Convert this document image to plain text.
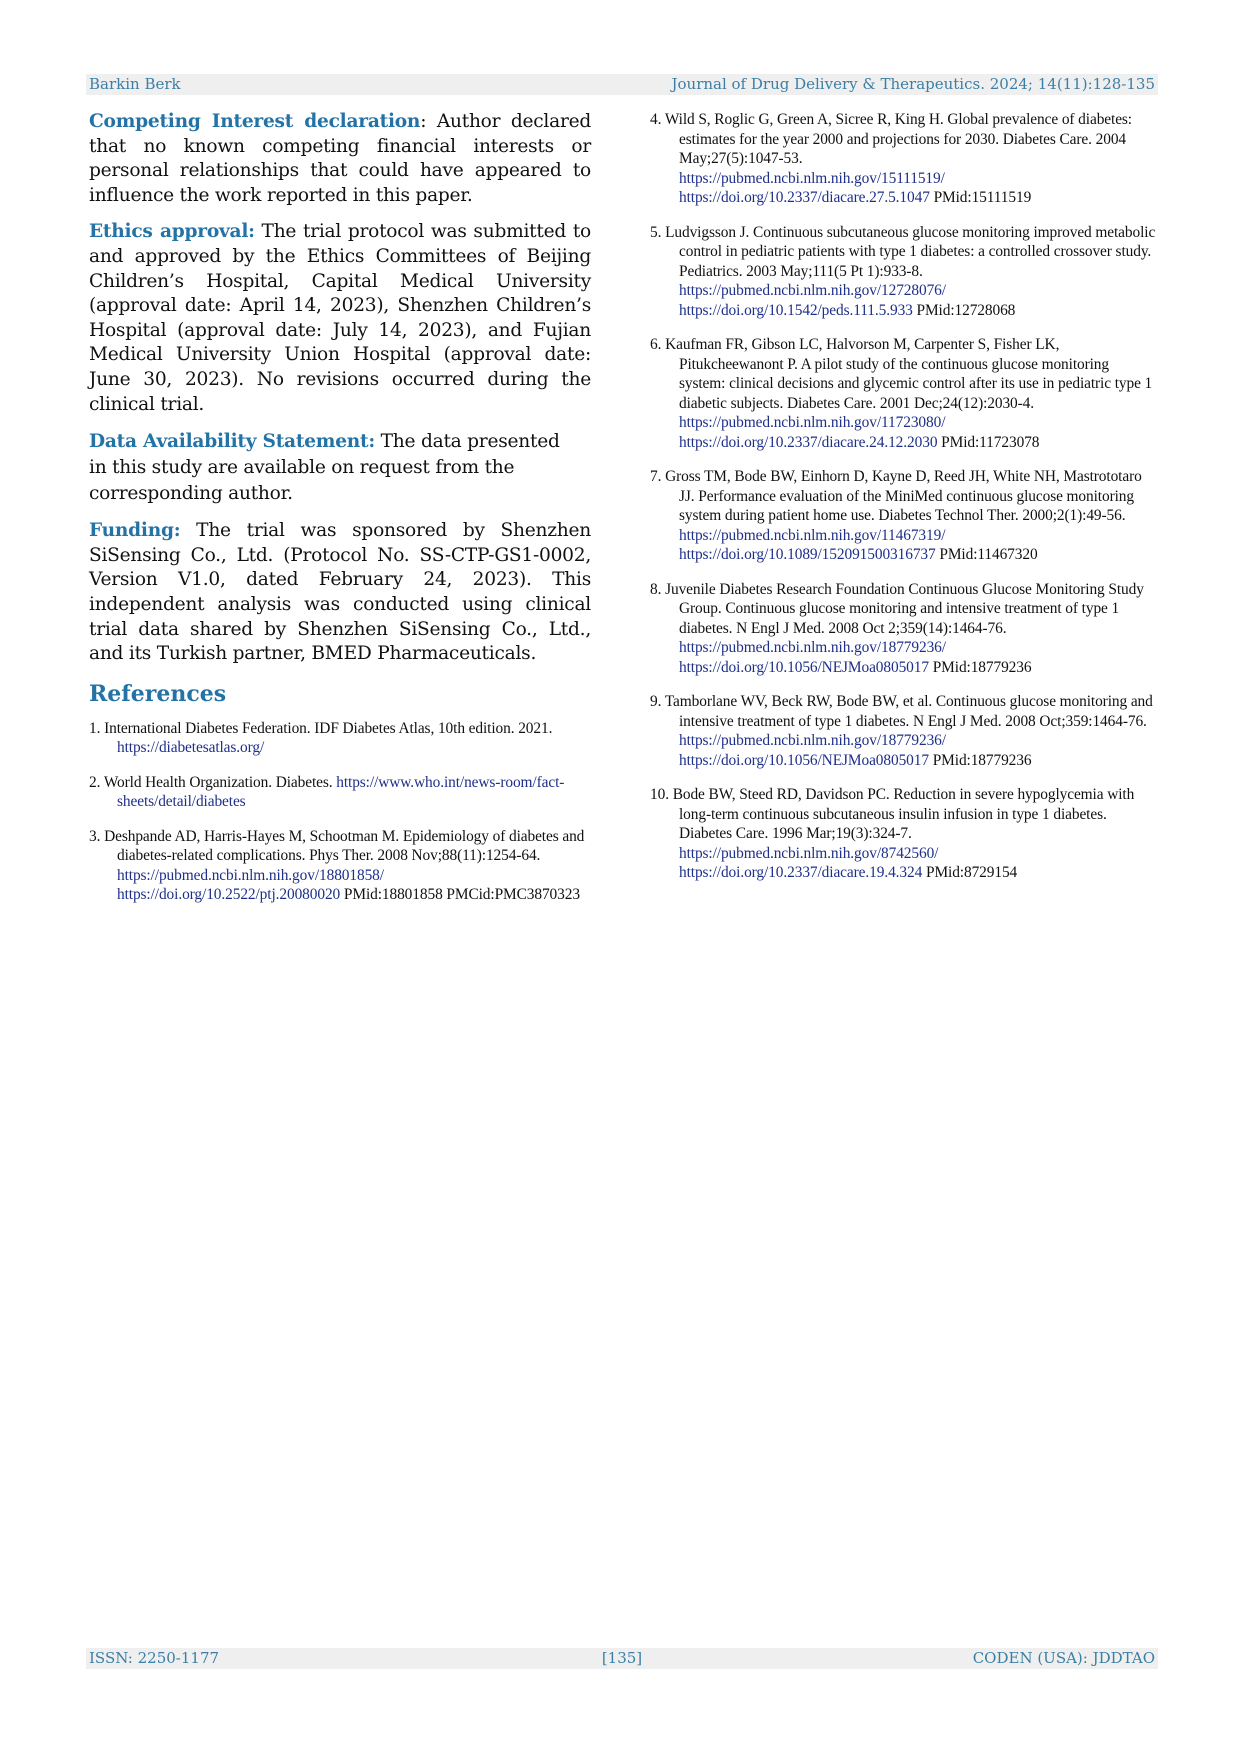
Barkin Berk	Journal of Drug Delivery & Therapeutics. 2024; 14(11):128-135

Competing Interest declaration: Author declared that no known competing financial interests or personal relationships that could have appeared to influence the work reported in this paper.

Ethics approval: The trial protocol was submitted to and approved by the Ethics Committees of Beijing Children’s Hospital, Capital Medical University (approval date: April 14, 2023), Shenzhen Children’s Hospital (approval date: July 14, 2023), and Fujian Medical University Union Hospital (approval date: June 30, 2023). No revisions occurred during the clinical trial.

Data Availability Statement: The data presented in this study are available on request from the corresponding author.

Funding: The trial was sponsored by Shenzhen SiSensing Co., Ltd. (Protocol No. SS-CTP-GS1-0002, Version V1.0, dated February 24, 2023). This independent analysis was conducted using clinical trial data shared by Shenzhen SiSensing Co., Ltd., and its Turkish partner, BMED Pharmaceuticals.

References
1. International Diabetes Federation. IDF Diabetes Atlas, 10th edition. 2021. https://diabetesatlas.org/
2. World Health Organization. Diabetes. https://www.who.int/news-room/fact-sheets/detail/diabetes
3. Deshpande AD, Harris-Hayes M, Schootman M. Epidemiology of diabetes and diabetes-related complications. Phys Ther. 2008 Nov;88(11):1254-64.
https://pubmed.ncbi.nlm.nih.gov/18801858/
https://doi.org/10.2522/ptj.20080020 PMid:18801858 PMCid:PMC3870323
4. Wild S, Roglic G, Green A, Sicree R, King H. Global prevalence of diabetes: estimates for the year 2000 and projections for 2030. Diabetes Care. 2004 May;27(5):1047-53.
https://pubmed.ncbi.nlm.nih.gov/15111519/
https://doi.org/10.2337/diacare.27.5.1047 PMid:15111519
5. Ludvigsson J. Continuous subcutaneous glucose monitoring improved metabolic control in pediatric patients with type 1 diabetes: a controlled crossover study. Pediatrics. 2003 May;111(5 Pt 1):933-8.
https://pubmed.ncbi.nlm.nih.gov/12728076/
https://doi.org/10.1542/peds.111.5.933 PMid:12728068
6. Kaufman FR, Gibson LC, Halvorson M, Carpenter S, Fisher LK, Pitukcheewanont P. A pilot study of the continuous glucose monitoring system: clinical decisions and glycemic control after its use in pediatric type 1 diabetic subjects. Diabetes Care. 2001 Dec;24(12):2030-4. https://pubmed.ncbi.nlm.nih.gov/11723080/
https://doi.org/10.2337/diacare.24.12.2030 PMid:11723078
7. Gross TM, Bode BW, Einhorn D, Kayne D, Reed JH, White NH, Mastrototaro JJ. Performance evaluation of the MiniMed continuous glucose monitoring system during patient home use. Diabetes Technol Ther. 2000;2(1):49-56.
https://pubmed.ncbi.nlm.nih.gov/11467319/
https://doi.org/10.1089/152091500316737 PMid:11467320
8. Juvenile Diabetes Research Foundation Continuous Glucose Monitoring Study Group. Continuous glucose monitoring and intensive treatment of type 1 diabetes. N Engl J Med. 2008 Oct 2;359(14):1464-76. https://pubmed.ncbi.nlm.nih.gov/18779236/
https://doi.org/10.1056/NEJMoa0805017 PMid:18779236
9. Tamborlane WV, Beck RW, Bode BW, et al. Continuous glucose monitoring and intensive treatment of type 1 diabetes. N Engl J Med. 2008 Oct;359:1464-76.
https://pubmed.ncbi.nlm.nih.gov/18779236/
https://doi.org/10.1056/NEJMoa0805017 PMid:18779236
10. Bode BW, Steed RD, Davidson PC. Reduction in severe hypoglycemia with long-term continuous subcutaneous insulin infusion in type 1 diabetes. Diabetes Care. 1996 Mar;19(3):324-7.
https://pubmed.ncbi.nlm.nih.gov/8742560/
https://doi.org/10.2337/diacare.19.4.324 PMid:8729154
ISSN: 2250-1177	[135]	CODEN (USA): JDDTAO
